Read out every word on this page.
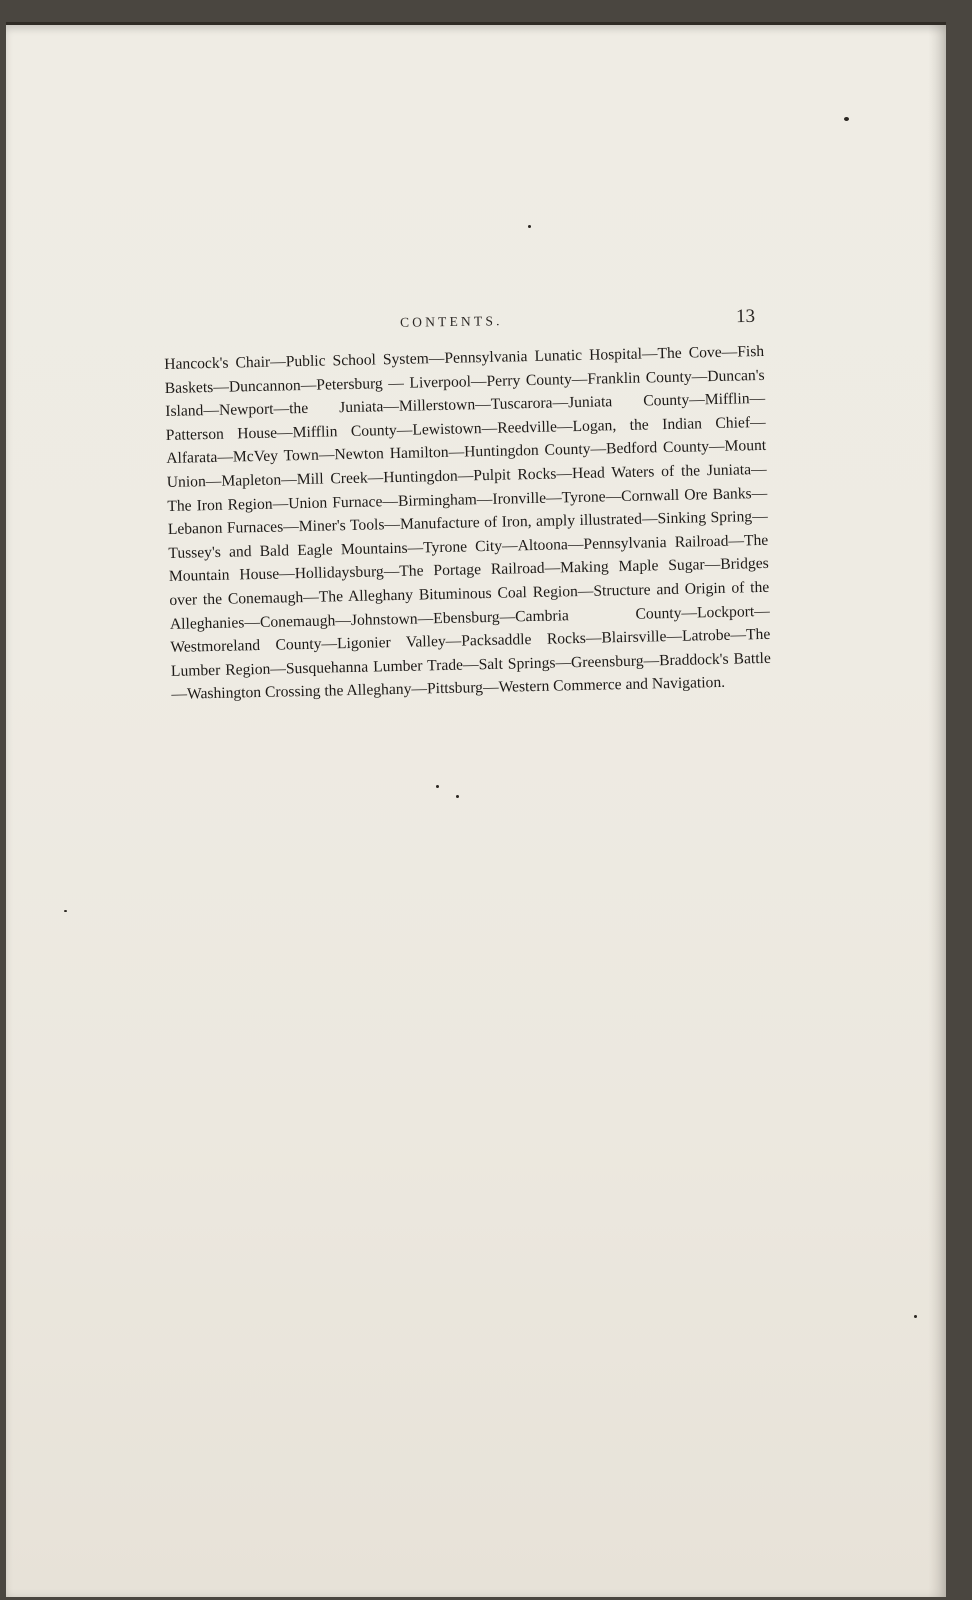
CONTENTS.	13

Hancock's Chair—Public School System—Pennsylvania Lunatic Hospital—The Cove—Fish Baskets—Duncannon—Petersburg — Liverpool—Perry County—Franklin County—Duncan's Island—Newport—the Juniata—Millerstown—Tuscarora—Juniata County—Mifflin—Patterson House—Mifflin County—Lewistown—Reedville—Logan, the Indian Chief—Alfarata—McVey Town—Newton Hamilton—Huntingdon County—Bedford County—Mount Union—Mapleton—Mill Creek—Huntingdon—Pulpit Rocks—Head Waters of the Juniata—The Iron Region—Union Furnace—Birmingham—Ironville—Tyrone—Cornwall Ore Banks—Lebanon Furnaces—Miner's Tools—Manufacture of Iron, amply illustrated—Sinking Spring—Tussey's and Bald Eagle Mountains—Tyrone City—Altoona—Pennsylvania Railroad—The Mountain House—Hollidaysburg—The Portage Railroad—Making Maple Sugar—Bridges over the Conemaugh—The Alleghany Bituminous Coal Region—Structure and Origin of the Alleghanies—Conemaugh—Johnstown—Ebensburg—Cambria County—Lockport—Westmoreland County—Ligonier Valley—Packsaddle Rocks—Blairsville—Latrobe—The Lumber Region—Susquehanna Lumber Trade—Salt Springs—Greensburg—Braddock's Battle—Washington Crossing the Alleghany—Pittsburg—Western Commerce and Navigation.
